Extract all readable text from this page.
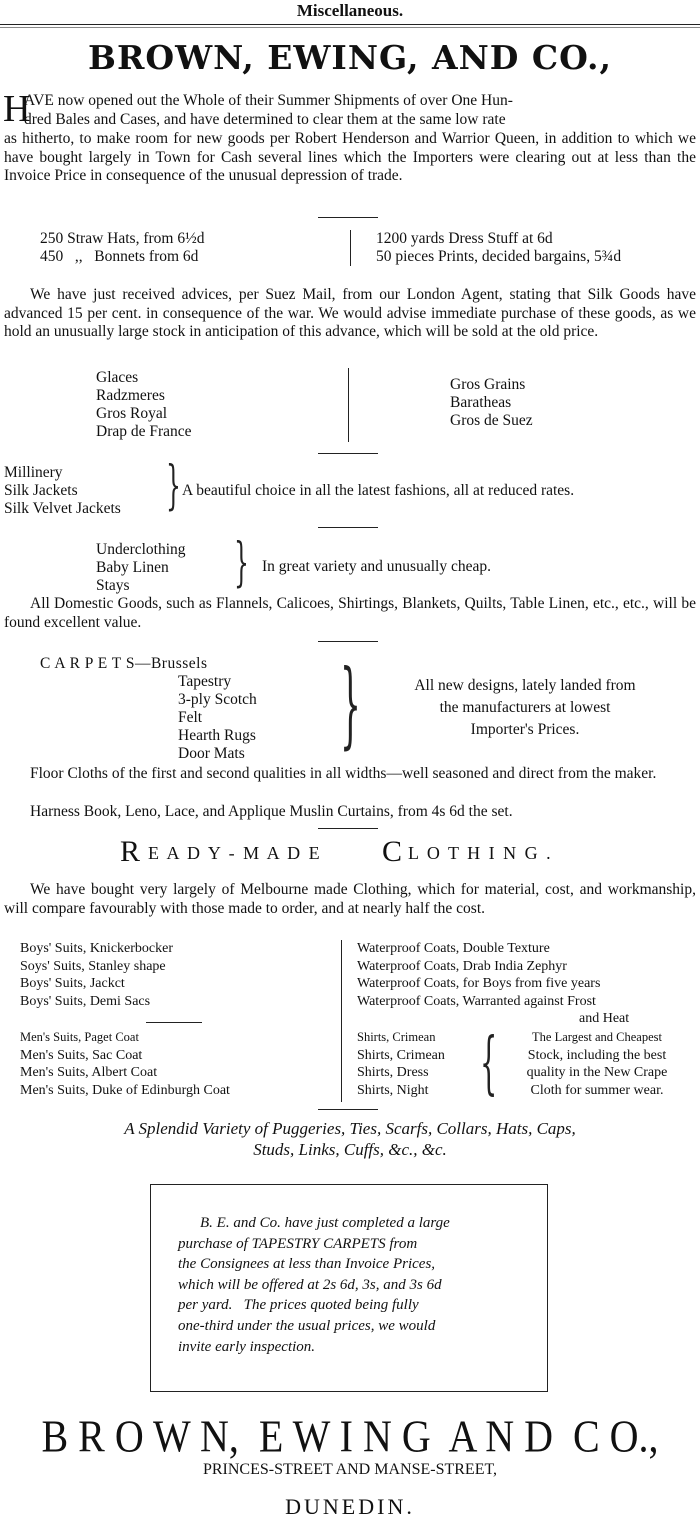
Miscellaneous.
BROWN, EWING, AND CO.,
H
AVE now opened out the Whole of their Summer Shipments of over One Hun-
dred Bales and Cases, and have determined to clear them at the same low rate
as hitherto, to make room for new goods per Robert Henderson and Warrior Queen, in addition to which we have bought largely in Town for Cash several lines which the Importers were clearing out at less than the Invoice Price in consequence of the unusual depression of trade.
250 Straw Hats, from 6½d
450   ,,   Bonnets from 6d
1200 yards Dress Stuff at 6d
50 pieces Prints, decided bargains, 5¾d
We have just received advices, per Suez Mail, from our London Agent, stating that Silk Goods have advanced 15 per cent. in consequence of the war. We would advise immediate purchase of these goods, as we hold an unusually large stock in anticipation of this advance, which will be sold at the old price.
Glaces
Radzmeres
Gros Royal
Drap de France
Gros Grains
Baratheas
Gros de Suez
Millinery
Silk Jackets
Silk Velvet Jackets } A beautiful choice in all the latest fashions, all at reduced rates.
Underclothing
Baby Linen
Stays	} In great variety and unusually cheap.
All Domestic Goods, such as Flannels, Calicoes, Shirtings, Blankets, Quilts, Table Linen, etc., etc., will be found excellent value.
C A R P E T S—Brussels
Tapestry
3-ply Scotch
Felt
Hearth Rugs
Door Mats }	All new designs, lately landed from
the manufacturers at lowest
Importer's Prices.
Floor Cloths of the first and second qualities in all widths—well seasoned and direct from the maker.
Harness Book, Leno, Lace, and Applique Muslin Curtains, from 4s 6d the set.
R E A D Y - M A D E C L O T H I N G .
We have bought very largely of Melbourne made Clothing, which for material, cost, and workmanship, will compare favourably with those made to order, and at nearly half the cost.
Boys' Suits, Knickerbocker
Soys' Suits, Stanley shape
Boys' Suits, Jackct
Boys' Suits, Demi Sacs
Men's Suits, Paget Coat
Men's Suits, Sac Coat
Men's Suits, Albert Coat
Men's Suits, Duke of Edinburgh Coat
Waterproof Coats, Double Texture
Waterproof Coats, Drab India Zephyr
Waterproof Coats, for Boys from five years
Waterproof Coats, Warranted against Frost
and Heat
Shirts, Crimean
Shirts, Crimean
Shirts, Dress
Shirts, Night {	The Largest and Cheapest
Stock, including the best
quality in the New Crape
Cloth for summer wear.
A Splendid Variety of Puggeries, Ties, Scarfs, Collars, Hats, Caps,
Studs, Links, Cuffs, &c., &c.
B. E. and Co. have just completed a large
purchase of TAPESTRY CARPETS from
the Consignees at less than Invoice Prices,
which will be offered at 2s 6d, 3s, and 3s 6d
per yard.   The prices quoted being fully
one-third under the usual prices, we would
invite early inspection.
B R O W N,  E W I N G  A N D  C O.,
PRINCES-STREET AND MANSE-STREET,
DUNEDIN.
